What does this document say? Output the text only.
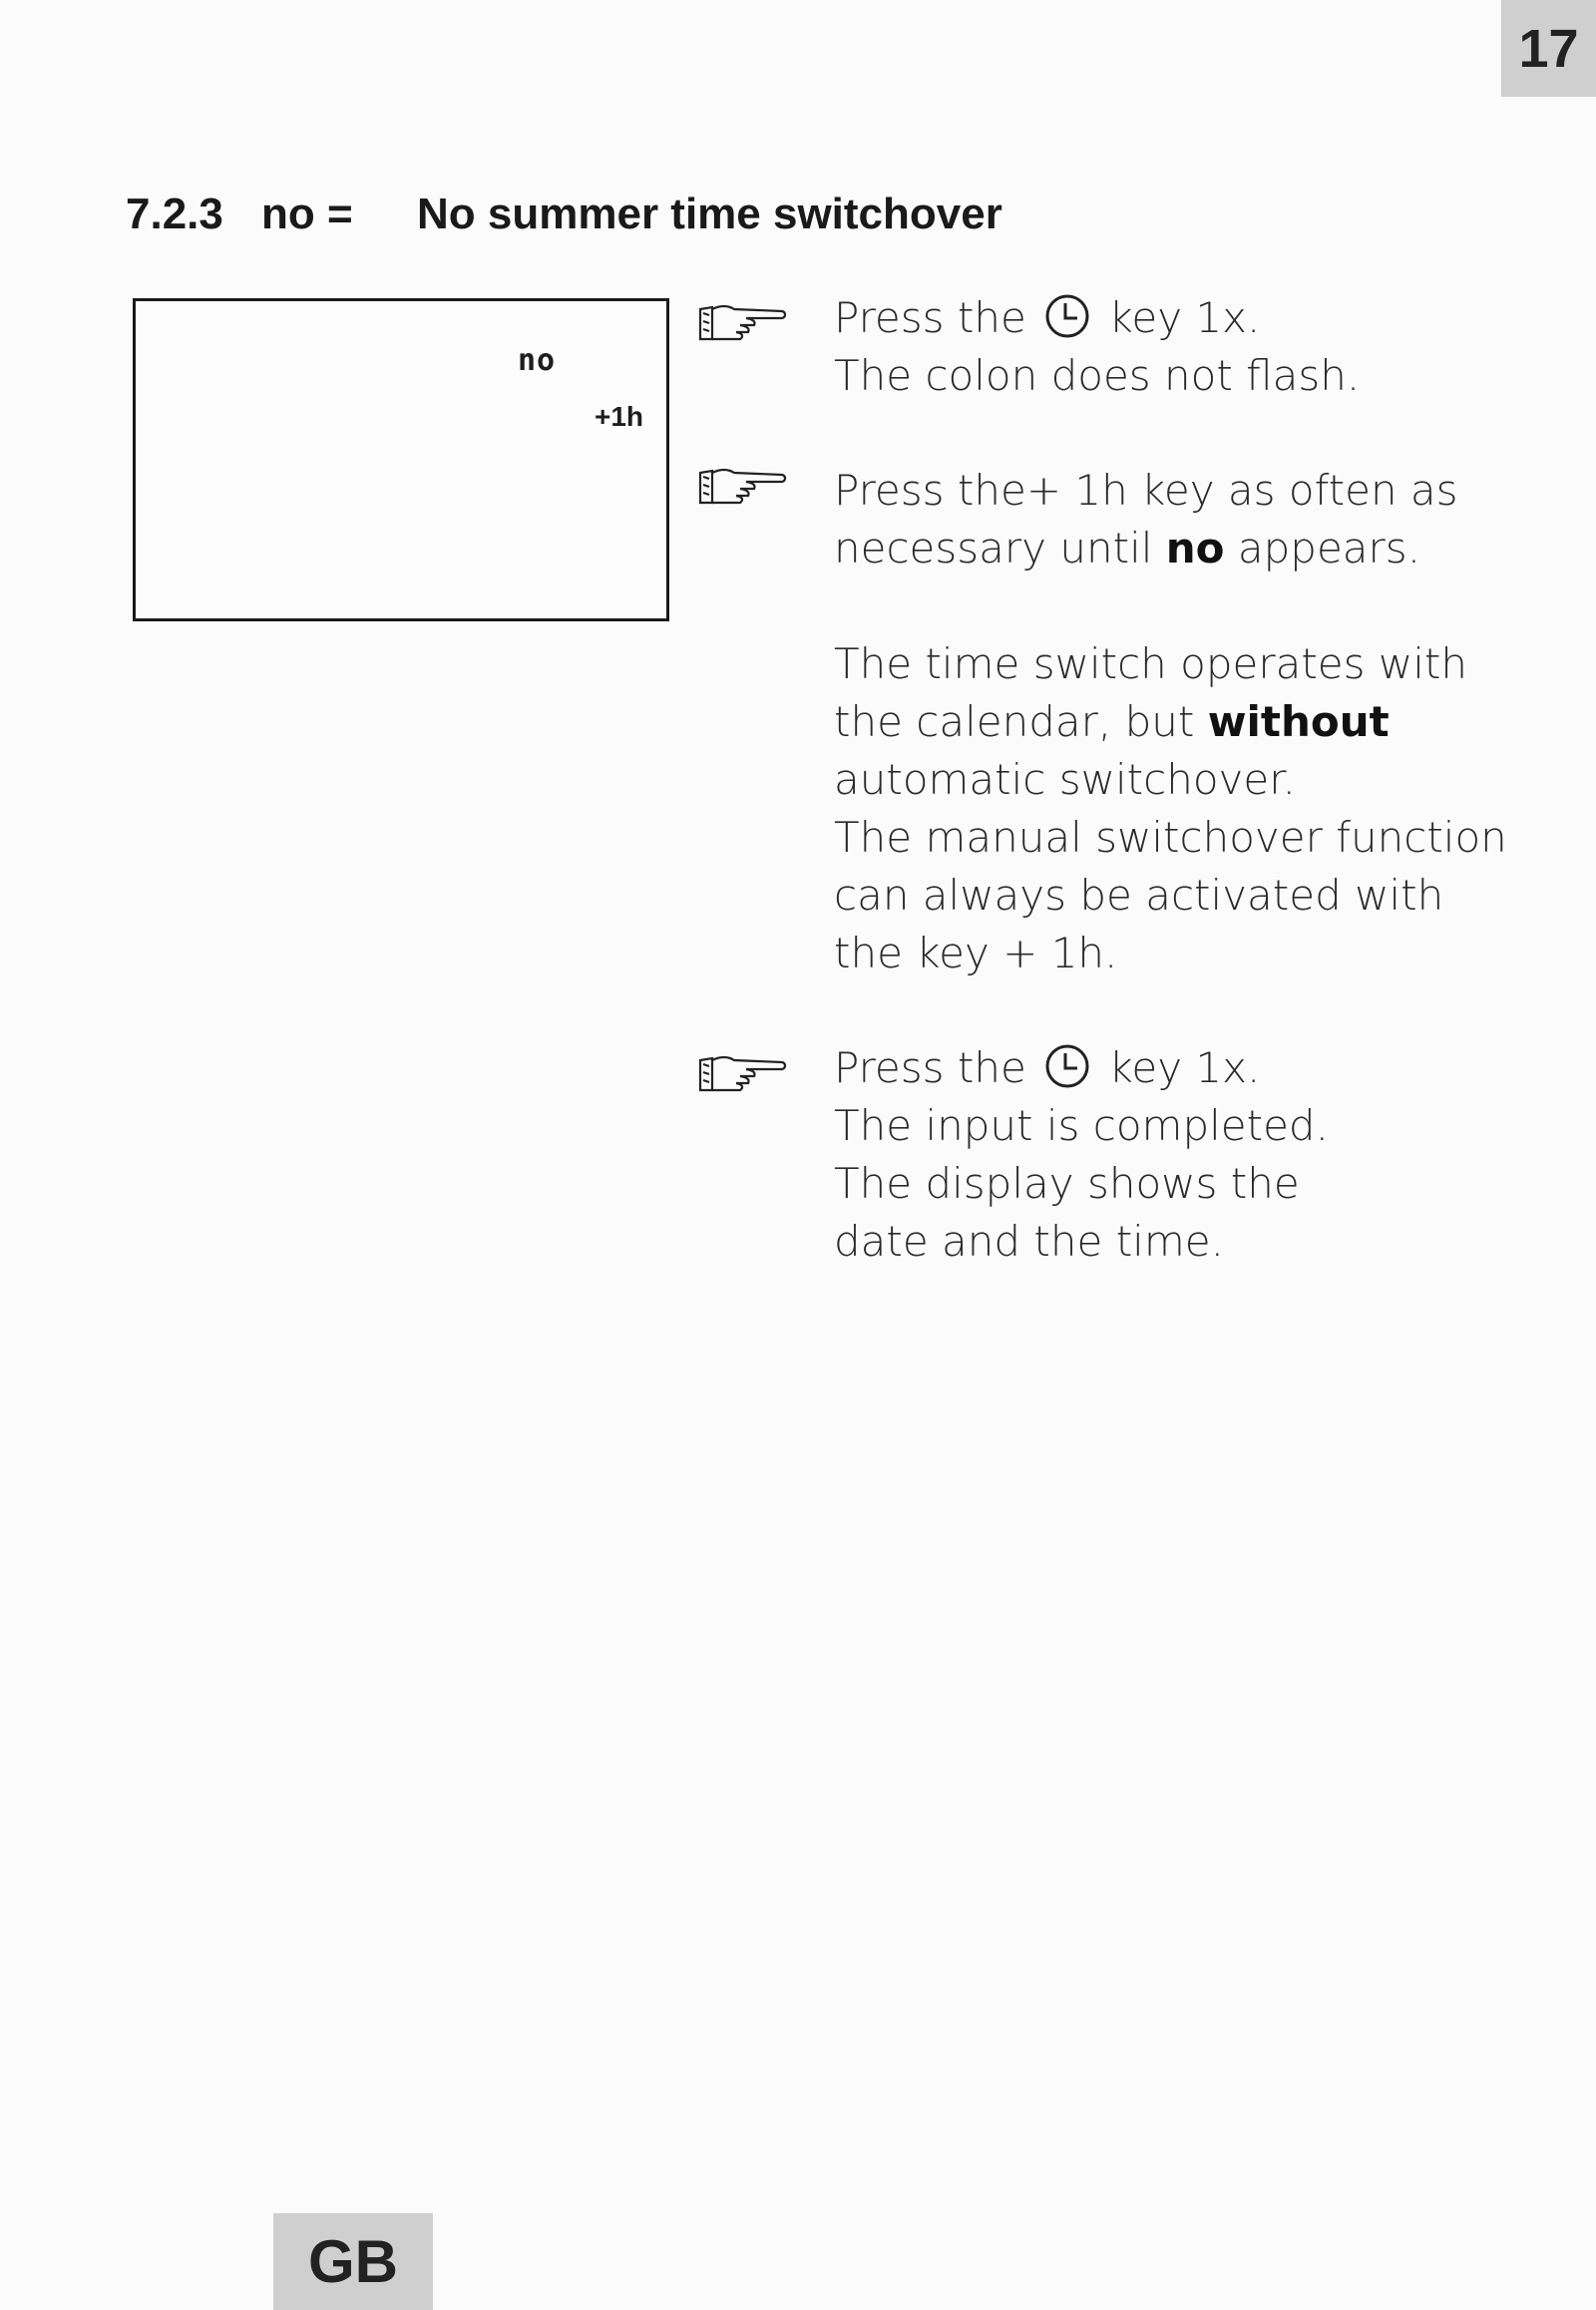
17
7.2.3 no = No summer time switchover
no
+1h

Press the key 1x.

The colon does not flash.

Press the+ 1h key as often as

necessary until no appears.

The time switch operates with

the calendar, but without

automatic switchover.

The manual switchover function

can always be activated with

the key + 1h.

Press the key 1x.

The input is completed.

The display shows the

date and the time.

GB
